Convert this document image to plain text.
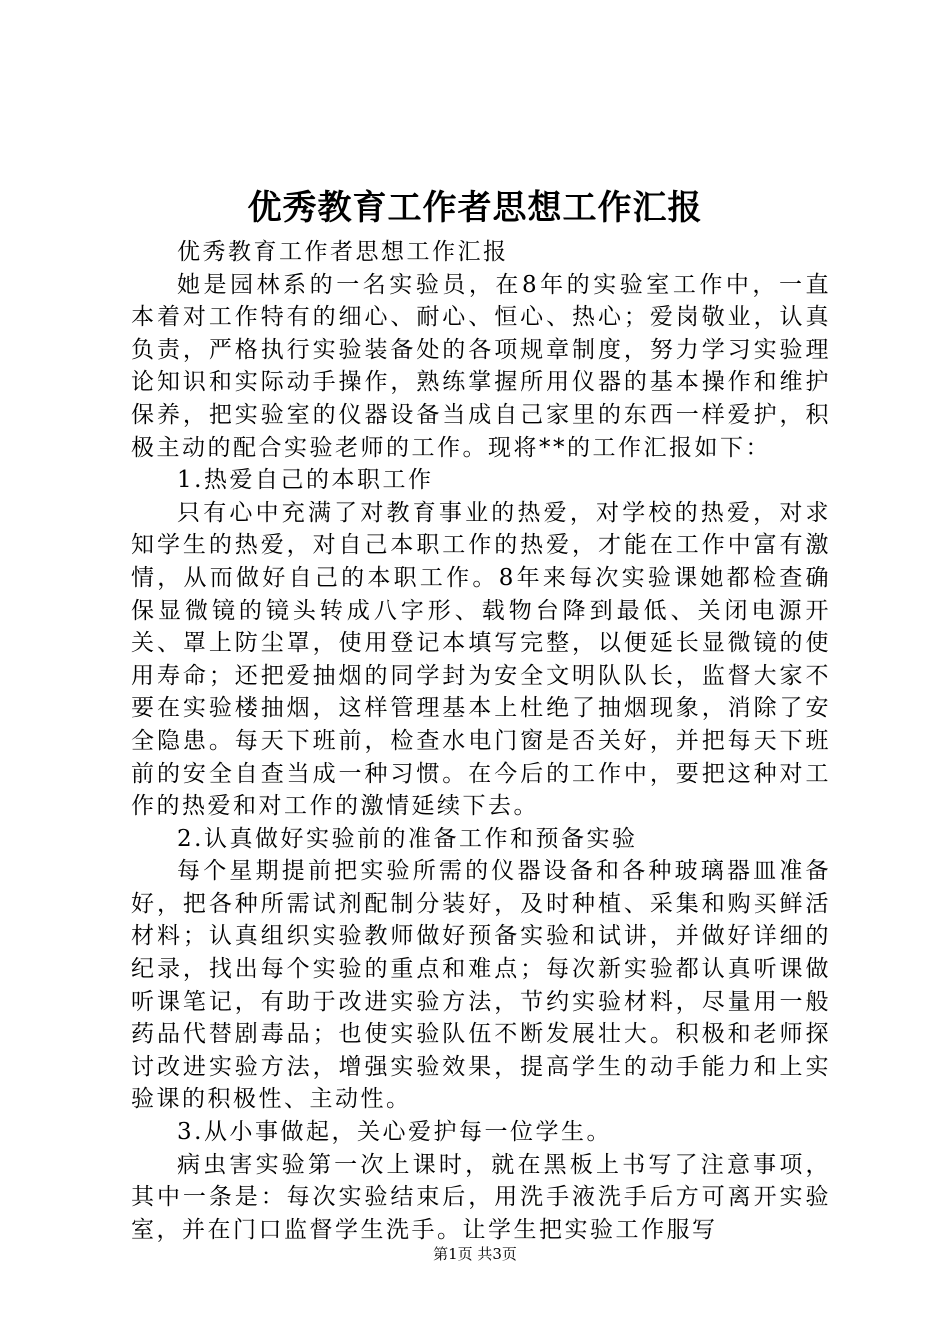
优秀教育工作者思想工作汇报

优秀教育工作者思想工作汇报

她是园林系的一名实验员，在8年的实验室工作中，一直本着对工作特有的细心、耐心、恒心、热心；爱岗敬业，认真负责，严格执行实验装备处的各项规章制度，努力学习实验理论知识和实际动手操作，熟练掌握所用仪器的基本操作和维护保养，把实验室的仪器设备当成自己家里的东西一样爱护，积极主动的配合实验老师的工作。现将**的工作汇报如下：

1.热爱自己的本职工作

只有心中充满了对教育事业的热爱，对学校的热爱，对求知学生的热爱，对自己本职工作的热爱，才能在工作中富有激情，从而做好自己的本职工作。8年来每次实验课她都检查确保显微镜的镜头转成八字形、载物台降到最低、关闭电源开关、罩上防尘罩，使用登记本填写完整，以便延长显微镜的使用寿命；还把爱抽烟的同学封为安全文明队队长，监督大家不要在实验楼抽烟，这样管理基本上杜绝了抽烟现象，消除了安全隐患。每天下班前，检查水电门窗是否关好，并把每天下班前的安全自查当成一种习惯。在今后的工作中，要把这种对工作的热爱和对工作的激情延续下去。

2.认真做好实验前的准备工作和预备实验

每个星期提前把实验所需的仪器设备和各种玻璃器皿准备好，把各种所需试剂配制分装好，及时种植、采集和购买鲜活材料；认真组织实验教师做好预备实验和试讲，并做好详细的纪录，找出每个实验的重点和难点；每次新实验都认真听课做听课笔记，有助于改进实验方法，节约实验材料，尽量用一般药品代替剧毒品；也使实验队伍不断发展壮大。积极和老师探讨改进实验方法，增强实验效果，提高学生的动手能力和上实验课的积极性、主动性。

3.从小事做起，关心爱护每一位学生。

病虫害实验第一次上课时，就在黑板上书写了注意事项，其中一条是：每次实验结束后，用洗手液洗手后方可离开实验室，并在门口监督学生洗手。让学生把实验工作服写

第1页 共3页
